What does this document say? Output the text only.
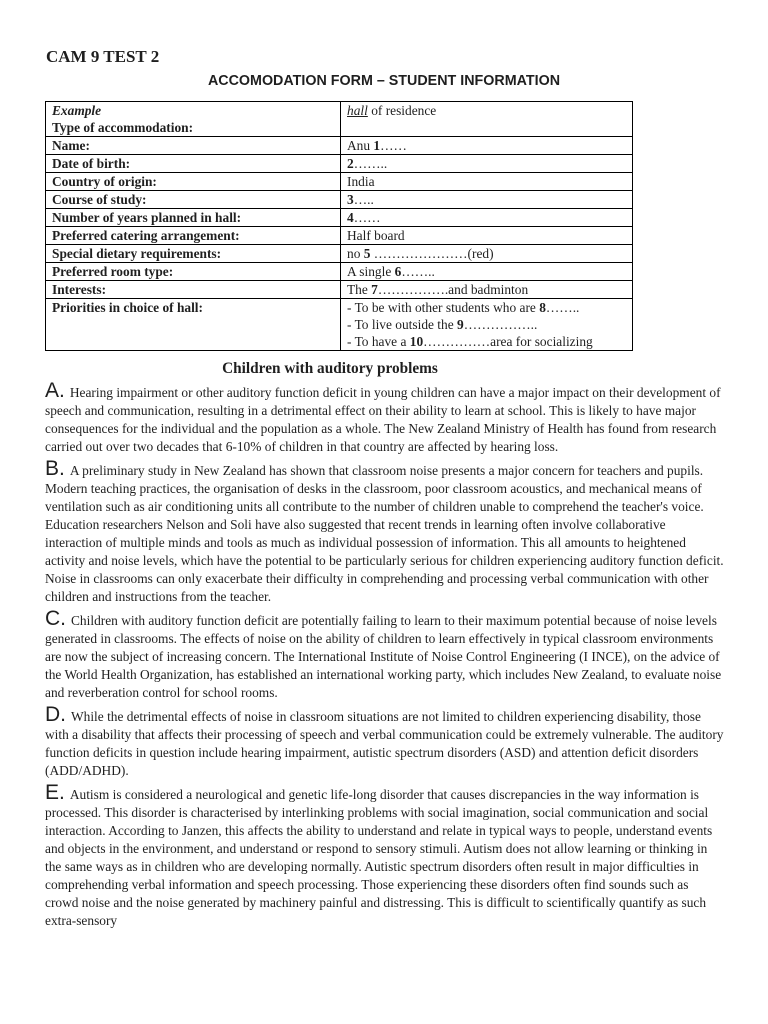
CAM 9 TEST 2
ACCOMODATION FORM – STUDENT INFORMATION
Example
Type of accommodation:	hall of residence
Name:	Anu 1……
Date of birth:	2……..
Country of origin:	India
Course of study:	3…..
Number of years planned in hall:	4……
Preferred catering arrangement:	Half board
Special dietary requirements:	no 5 …………………(red)
Preferred room type:	A single 6……..
Interests:	The 7…………….and badminton
Priorities in choice of hall:	- To be with other students who are 8……..
- To live outside the 9……………..
- To have a 10……………area for socializing
Children with auditory problems

A. Hearing impairment or other auditory function deficit in young children can have a major impact on their development of speech and communication, resulting in a detrimental effect on their ability to learn at school. This is likely to have major consequences for the individual and the population as a whole. The New Zealand Ministry of Health has found from research carried out over two decades that 6-10% of children in that country are affected by hearing loss.

B. A preliminary study in New Zealand has shown that classroom noise presents a major concern for teachers and pupils. Modern teaching practices, the organisation of desks in the classroom, poor classroom acoustics, and mechanical means of ventilation such as air conditioning units all contribute to the number of children unable to comprehend the teacher's voice. Education researchers Nelson and Soli have also suggested that recent trends in learning often involve collaborative interaction of multiple minds and tools as much as individual possession of information. This all amounts to heightened activity and noise levels, which have the potential to be particularly serious for children experiencing auditory function deficit. Noise in classrooms can only exacerbate their difficulty in comprehending and processing verbal communication with other children and instructions from the teacher.

C. Children with auditory function deficit are potentially failing to learn to their maximum potential because of noise levels generated in classrooms. The effects of noise on the ability of children to learn effectively in typical classroom environments are now the subject of increasing concern. The International Institute of Noise Control Engineering (I INCE), on the advice of the World Health Organization, has established an international working party, which includes New Zealand, to evaluate noise and reverberation control for school rooms.

D. While the detrimental effects of noise in classroom situations are not limited to children experiencing disability, those with a disability that affects their processing of speech and verbal communication could be extremely vulnerable. The auditory function deficits in question include hearing impairment, autistic spectrum disorders (ASD) and attention deficit disorders (ADD/ADHD).

E. Autism is considered a neurological and genetic life-long disorder that causes discrepancies in the way information is processed. This disorder is characterised by interlinking problems with social imagination, social communication and social interaction. According to Janzen, this affects the ability to understand and relate in typical ways to people, understand events and objects in the environment, and understand or respond to sensory stimuli. Autism does not allow learning or thinking in the same ways as in children who are developing normally. Autistic spectrum disorders often result in major difficulties in comprehending verbal information and speech processing. Those experiencing these disorders often find sounds such as crowd noise and the noise generated by machinery painful and distressing. This is difficult to scientifically quantify as such extra-sensory
